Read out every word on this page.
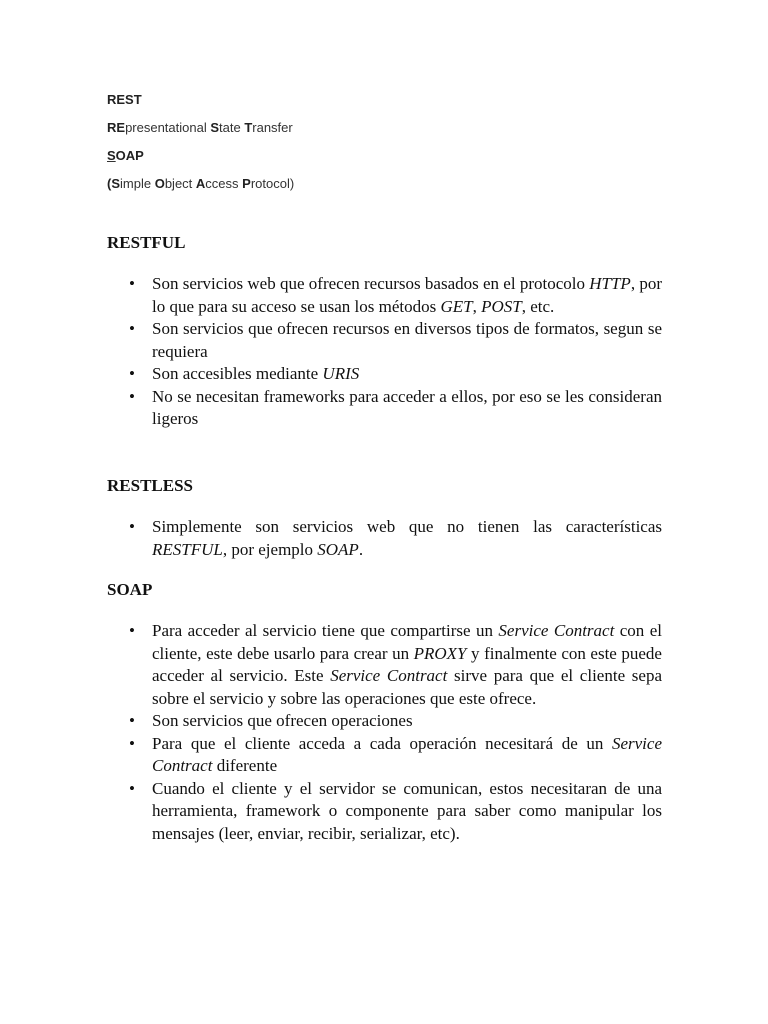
REST

REpresentational State Transfer

SOAP

(Simple Object Access Protocol)

RESTFUL
• Son servicios web que ofrecen recursos basados en el protocolo HTTP, por lo que para su acceso se usan los métodos GET, POST, etc.
• Son servicios que ofrecen recursos en diversos tipos de formatos, segun se requiera
• Son accesibles mediante URIS
• No se necesitan frameworks para acceder a ellos, por eso se les consideran ligeros
RESTLESS
• Simplemente son servicios web que no tienen las características RESTFUL, por ejemplo SOAP.
SOAP
• Para acceder al servicio tiene que compartirse un Service Contract con el cliente, este debe usarlo para crear un PROXY y finalmente con este puede acceder al servicio. Este Service Contract sirve para que el cliente sepa sobre el servicio y sobre las operaciones que este ofrece.
• Son servicios que ofrecen operaciones
• Para que el cliente acceda a cada operación necesitará de un Service Contract diferente
• Cuando el cliente y el servidor se comunican, estos necesitaran de una herramienta, framework o componente para saber como manipular los mensajes (leer, enviar, recibir, serializar, etc).
